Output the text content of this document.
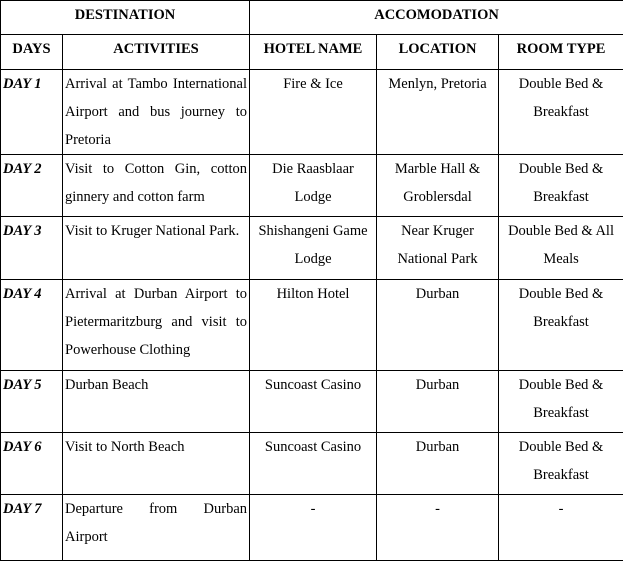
DESTINATION		ACCOMODATION		
DAYS	ACTIVITIES	HOTEL NAME	LOCATION	ROOM TYPE
DAY 1	Arrival at Tambo International Airport and bus journey to Pretoria	Fire & Ice	Menlyn, Pretoria	Double Bed & Breakfast
DAY 2	Visit to Cotton Gin, cotton ginnery and cotton farm	Die Raasblaar Lodge	Marble Hall & Groblersdal	Double Bed & Breakfast
DAY 3	Visit to Kruger National Park.	Shishangeni Game Lodge	Near Kruger National Park	Double Bed & All Meals
DAY 4	Arrival at Durban Airport to Pietermaritzburg and visit to Powerhouse Clothing	Hilton Hotel	Durban	Double Bed & Breakfast
DAY 5	Durban Beach	Suncoast Casino	Durban	Double Bed & Breakfast
DAY 6	Visit to North Beach	Suncoast Casino	Durban	Double Bed & Breakfast
DAY 7	Departure from Durban Airport	-	-	-
